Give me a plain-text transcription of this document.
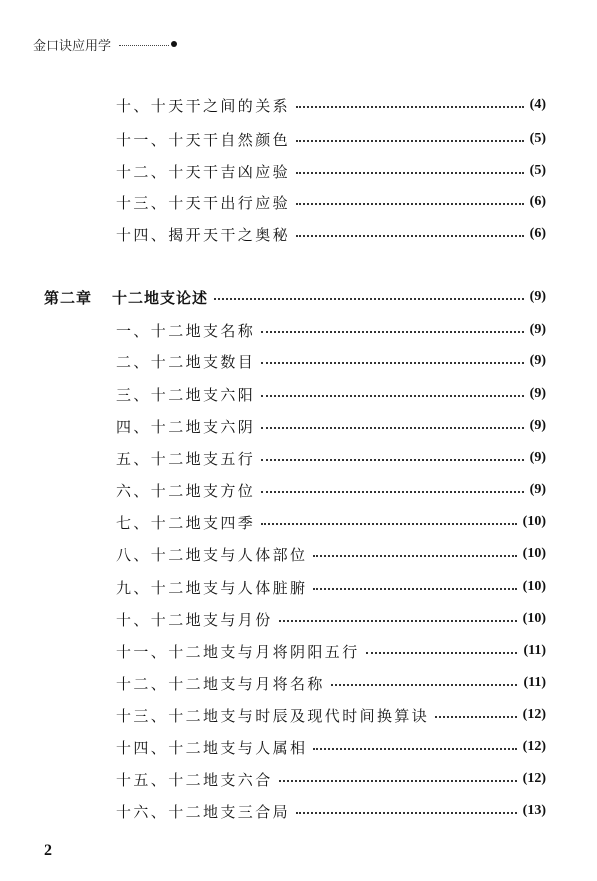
金口诀应用学
十、十天干之间的关系	(4)
十一、十天干自然颜色	(5)
十二、十天干吉凶应验	(5)
十三、十天干出行应验	(6)
十四、揭开天干之奥秘	(6)
第二章 十二地支论述	(9)
一、十二地支名称	(9)
二、十二地支数目	(9)
三、十二地支六阳	(9)
四、十二地支六阴	(9)
五、十二地支五行	(9)
六、十二地支方位	(9)
七、十二地支四季	(10)
八、十二地支与人体部位	(10)
九、十二地支与人体脏腑	(10)
十、十二地支与月份	(10)
十一、十二地支与月将阴阳五行	(11)
十二、十二地支与月将名称	(11)
十三、十二地支与时辰及现代时间换算诀	(12)
十四、十二地支与人属相	(12)
十五、十二地支六合	(12)
十六、十二地支三合局	(13)
2
